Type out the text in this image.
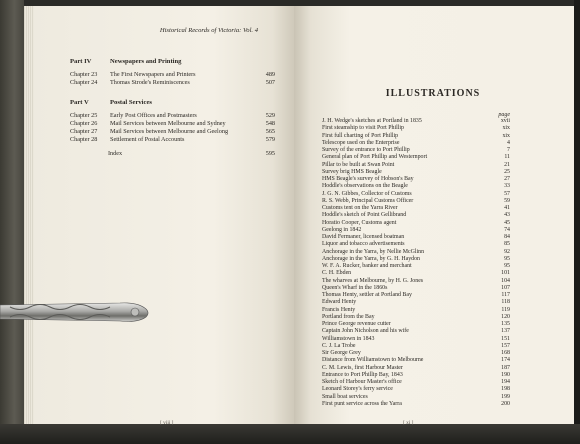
Historical Records of Victoria: Vol. 4
Part IV	Newspapers and Printing
Chapter 23 The First Newspapers and Printers	489
Chapter 24 Thomas Strode's Reminiscences	507
Part V	Postal Services
Chapter 25 Early Post Offices and Postmasters	529
Chapter 26 Mail Services between Melbourne and Sydney	548
Chapter 27 Mail Services between Melbourne and Geelong	565
Chapter 28 Settlement of Postal Accounts	579
Index	595
[ viii ]
ILLUSTRATIONS
page
J. H. Wedge's sketches at Portland in 1835	xvii
First steamship to visit Port Phillip	xix
First full charting of Port Phillip	xix
Telescope used on the Enterprise	4
Survey of the entrance to Port Phillip	7
General plan of Port Phillip and Westernport	11
Pillar to be built at Swan Point	21
Survey brig HMS Beagle	25
HMS Beagle's survey of Hobson's Bay	27
Hoddle's observations on the Beagle	33
J. G. N. Gibbes, Collector of Customs	57
R. S. Webb, Principal Customs Officer	59
Customs tent on the Yarra River	41
Hoddle's sketch of Point Gellibrand	43
Horatio Cooper, Customs agent	45
Geelong in 1842	74
David Fermaner, licensed boatman	84
Liquor and tobacco advertisements	85
Anchorage in the Yarra, by Nellie McGlinn	92
Anchorage in the Yarra, by G. H. Haydon	95
W. F. A. Rucker, banker and merchant	95
C. H. Ebden	101
The wharves at Melbourne, by H. G. Jones	104
Queen's Wharf in the 1860s	107
Thomas Henty, settler at Portland Bay	117
Edward Henty	118
Francis Henty	119
Portland from the Bay	120
Prince George revenue cutter	135
Captain John Nicholson and his wife	137
Williamstown in 1843	151
C. J. La Trobe	157
Sir George Grey	168
Distance from Williamstown to Melbourne	174
C. M. Lewis, first Harbour Master	187
Entrance to Port Phillip Bay, 1843	190
Sketch of Harbour Master's office	194
Leonard Storey's ferry service	198
Small boat services	199
First punt service across the Yarra	200
[ xi ]
